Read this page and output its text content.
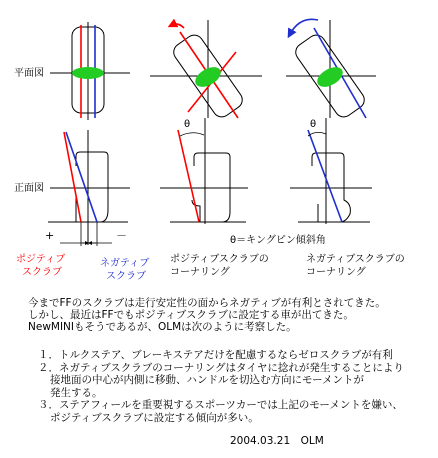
平面図
正面図
+	－
ポジティブ
スクラブ
ネガティブ
スクラブ
θ
ポジティブスクラブの
コーナリング
θ＝キングピン傾斜角
θ
ネガティブスクラブの
コーナリング
今までFFのスクラブは走行安定性の面からネガティブが有利とされてきた。
しかし、最近はFFでもポジティブスクラブに設定する車が出てきた。
NewMINIもそうであるが、OLMは次のように考察した。
１．トルクステア、ブレーキステアだけを配慮するならゼロスクラブが有利
２．ネガティブスクラブのコーナリングはタイヤに捻れが発生することにより
接地面の中心が内側に移動、ハンドルを切込む方向にモーメントが
発生する。
３．ステアフィールを重要視するスポーツカーでは上記のモーメントを嫌い、
ポジティブスクラブに設定する傾向が多い。
2004.03.21　OLM
